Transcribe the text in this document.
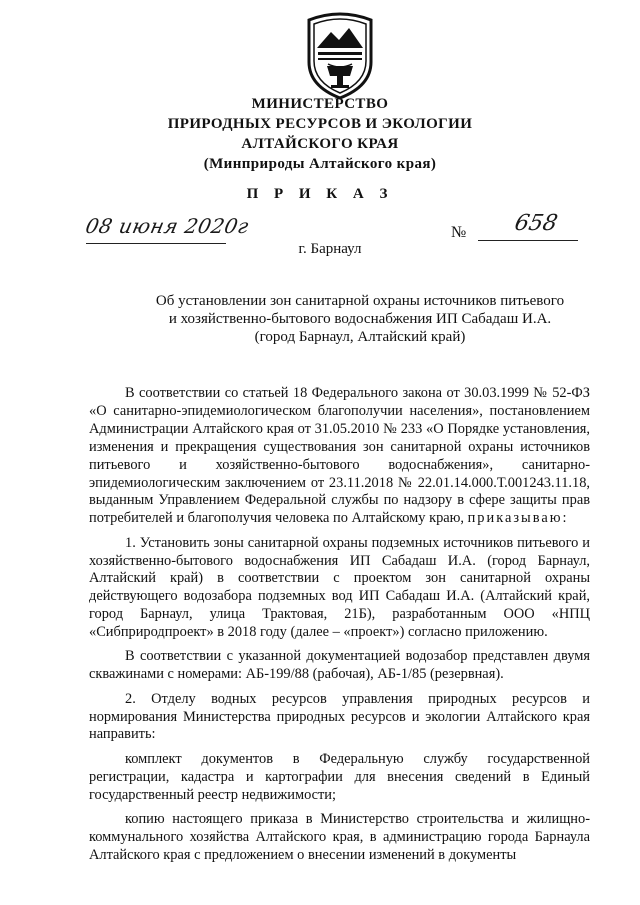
МИНИСТЕРСТВО
ПРИРОДНЫХ РЕСУРСОВ И ЭКОЛОГИИ
АЛТАЙСКОГО КРАЯ
(Минприроды Алтайского края)
П Р И К А З
08 июня 2020г	№ 658
г. Барнаул
Об установлении зон санитарной охраны источников питьевого
и хозяйственно-бытового водоснабжения ИП Сабадаш И.А.
(город Барнаул, Алтайский край)

В соответствии со статьей 18 Федерального закона от 30.03.1999 № 52-ФЗ «О санитарно-эпидемиологическом благополучии населения», постановлением Администрации Алтайского края от 31.05.2010 № 233 «О Порядке установления, изменения и прекращения существования зон санитарной охраны источников питьевого и хозяйственно-бытового водоснабжения», санитарно-эпидемиологическим заключением от 23.11.2018 № 22.01.14.000.Т.001243.11.18, выданным Управлением Федеральной службы по надзору в сфере защиты прав потребителей и благополучия человека по Алтайскому краю, приказываю:

1. Установить зоны санитарной охраны подземных источников питьевого и хозяйственно-бытового водоснабжения ИП Сабадаш И.А. (город Барнаул, Алтайский край) в соответствии с проектом зон санитарной охраны действующего водозабора подземных вод ИП Сабадаш И.А. (Алтайский край, город Барнаул, улица Трактовая, 21Б), разработанным ООО «НПЦ «Сибприродпроект» в 2018 году (далее – «проект») согласно приложению.

В соответствии с указанной документацией водозабор представлен двумя скважинами с номерами: АБ-199/88 (рабочая), АБ-1/85 (резервная).

2. Отделу водных ресурсов управления природных ресурсов и нормирования Министерства природных ресурсов и экологии Алтайского края направить:

комплект документов в Федеральную службу государственной регистрации, кадастра и картографии для внесения сведений в Единый государственный реестр недвижимости;

копию настоящего приказа в Министерство строительства и жилищно-коммунального хозяйства Алтайского края, в администрацию города Барнаула Алтайского края с предложением о внесении изменений в документы
